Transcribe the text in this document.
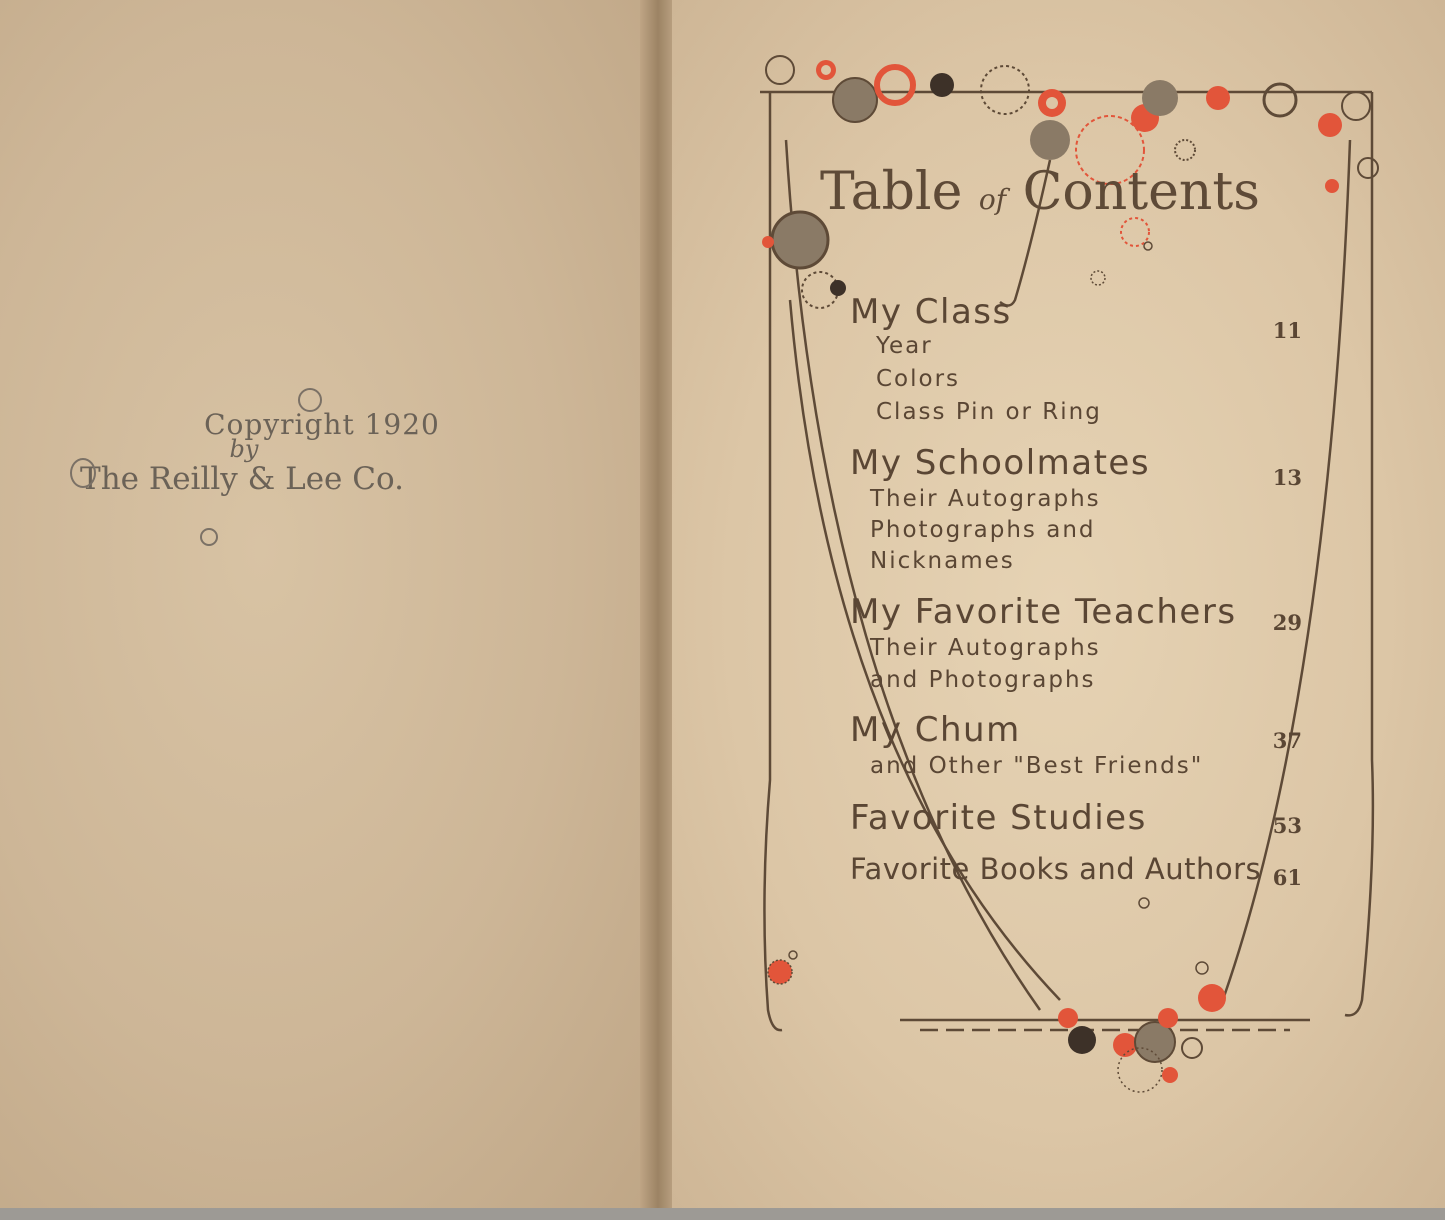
Copyright 1920
by
The Reilly & Lee Co.
Table of Contents
My Class	11
Year
Colors
Class Pin or Ring
My Schoolmates	13
Their Autographs
Photographs and
Nicknames
My Favorite Teachers	29
Their Autographs
and Photographs
My Chum	37
and Other "Best Friends"
Favorite Studies	53
Favorite Books and Authors 61
